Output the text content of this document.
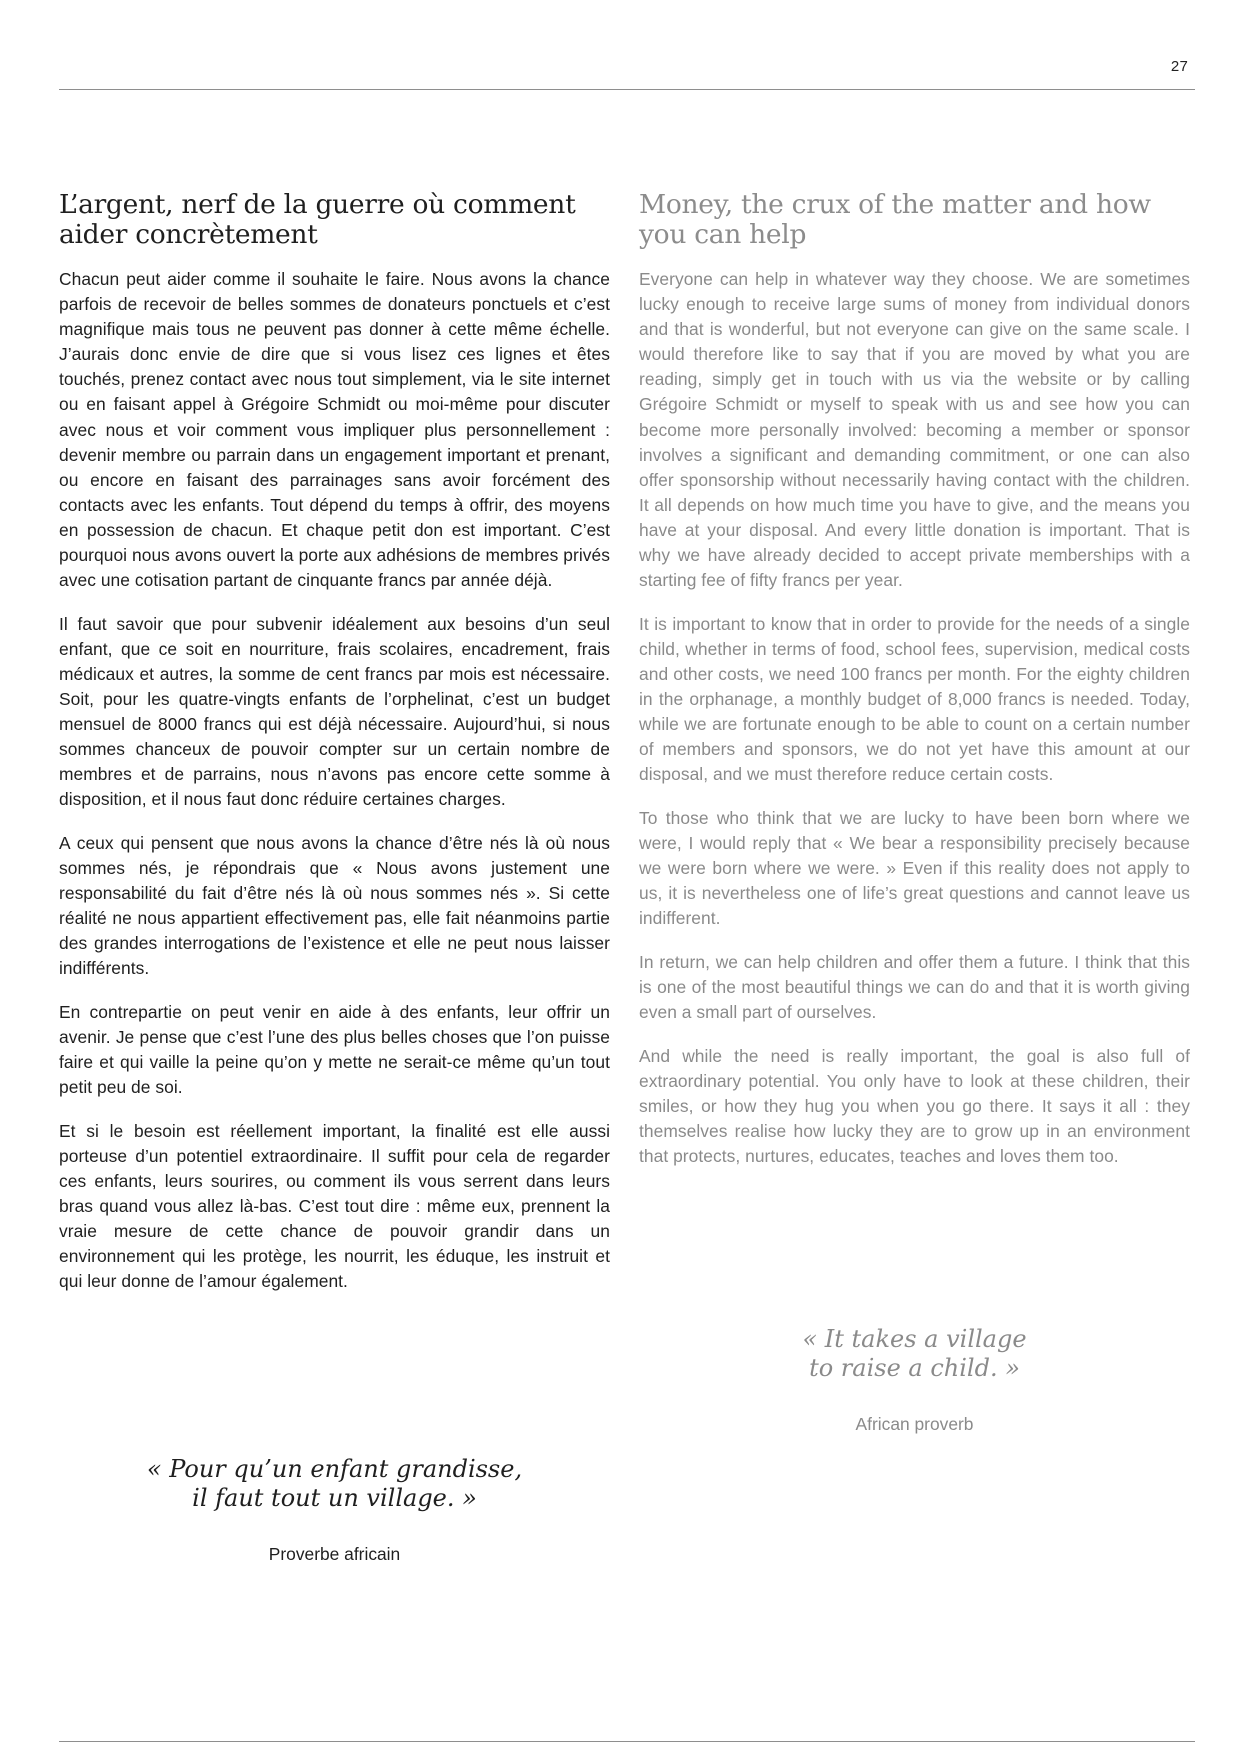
27
L’argent, nerf de la guerre où comment aider concrètement

Chacun peut aider comme il souhaite le faire. Nous avons la chance parfois de recevoir de belles sommes de donateurs ponctuels et c’est magnifique mais tous ne peuvent pas donner à cette même échelle. J’aurais donc envie de dire que si vous lisez ces lignes et êtes touchés, prenez contact avec nous tout simplement, via le site internet ou en faisant appel à Grégoire Schmidt ou moi-même pour discuter avec nous et voir comment vous impliquer plus personnellement : devenir membre ou parrain dans un engagement important et prenant, ou encore en faisant des parrainages sans avoir forcément des contacts avec les enfants. Tout dépend du temps à offrir, des moyens en possession de chacun. Et chaque petit don est important. C’est pourquoi nous avons ouvert la porte aux adhésions de membres privés avec une cotisation partant de cinquante francs par année déjà.

Il faut savoir que pour subvenir idéalement aux besoins d’un seul enfant, que ce soit en nourriture, frais scolaires, encadrement, frais médicaux et autres, la somme de cent francs par mois est nécessaire. Soit, pour les quatre-vingts enfants de l’orphelinat, c’est un budget mensuel de 8000 francs qui est déjà nécessaire. Aujourd’hui, si nous sommes chanceux de pouvoir compter sur un certain nombre de membres et de parrains, nous n’avons pas encore cette somme à disposition, et il nous faut donc réduire certaines charges.

A ceux qui pensent que nous avons la chance d’être nés là où nous sommes nés, je répondrais que « Nous avons justement une responsabilité du fait d’être nés là où nous sommes nés ». Si cette réalité ne nous appartient effectivement pas, elle fait néanmoins partie des grandes interrogations de l’existence et elle ne peut nous laisser indifférents.

En contrepartie on peut venir en aide à des enfants, leur offrir un avenir. Je pense que c’est l’une des plus belles choses que l’on puisse faire et qui vaille la peine qu’on y mette ne serait-ce même qu’un tout petit peu de soi.

Et si le besoin est réellement important, la finalité est elle aussi porteuse d’un potentiel extraordinaire. Il suffit pour cela de regarder ces enfants, leurs sourires, ou comment ils vous serrent dans leurs bras quand vous allez là-bas. C’est tout dire : même eux, prennent la vraie mesure de cette chance de pouvoir grandir dans un environnement qui les protège, les nourrit, les éduque, les instruit et qui leur donne de l’amour également.

Money, the crux of the matter and how you can help

Everyone can help in whatever way they choose. We are sometimes lucky enough to receive large sums of money from individual donors and that is wonderful, but not everyone can give on the same scale. I would therefore like to say that if you are moved by what you are reading, simply get in touch with us via the website or by calling Grégoire Schmidt or myself to speak with us and see how you can become more personally involved: becoming a member or sponsor involves a significant and demanding commitment, or one can also offer sponsorship without necessarily having contact with the children. It all depends on how much time you have to give, and the means you have at your disposal. And every little donation is important. That is why we have already decided to accept private memberships with a starting fee of fifty francs per year.

It is important to know that in order to provide for the needs of a single child, whether in terms of food, school fees, supervision, medical costs and other costs, we need 100 francs per month. For the eighty children in the orphanage, a monthly budget of 8,000 francs is needed. Today, while we are fortunate enough to be able to count on a certain number of members and sponsors, we do not yet have this amount at our disposal, and we must therefore reduce certain costs.

To those who think that we are lucky to have been born where we were, I would reply that « We bear a responsibility precisely because we were born where we were. » Even if this reality does not apply to us, it is nevertheless one of life’s great questions and cannot leave us indifferent.

In return, we can help children and offer them a future. I think that this is one of the most beautiful things we can do and that it is worth giving even a small part of ourselves.

And while the need is really important, the goal is also full of extraordinary potential. You only have to look at these children, their smiles, or how they hug you when you go there. It says it all : they themselves realise how lucky they are to grow up in an environment that protects, nurtures, educates, teaches and loves them too.

« Pour qu’un enfant grandisse,
il faut tout un village. »
Proverbe africain
« It takes a village
to raise a child. »
African proverb
